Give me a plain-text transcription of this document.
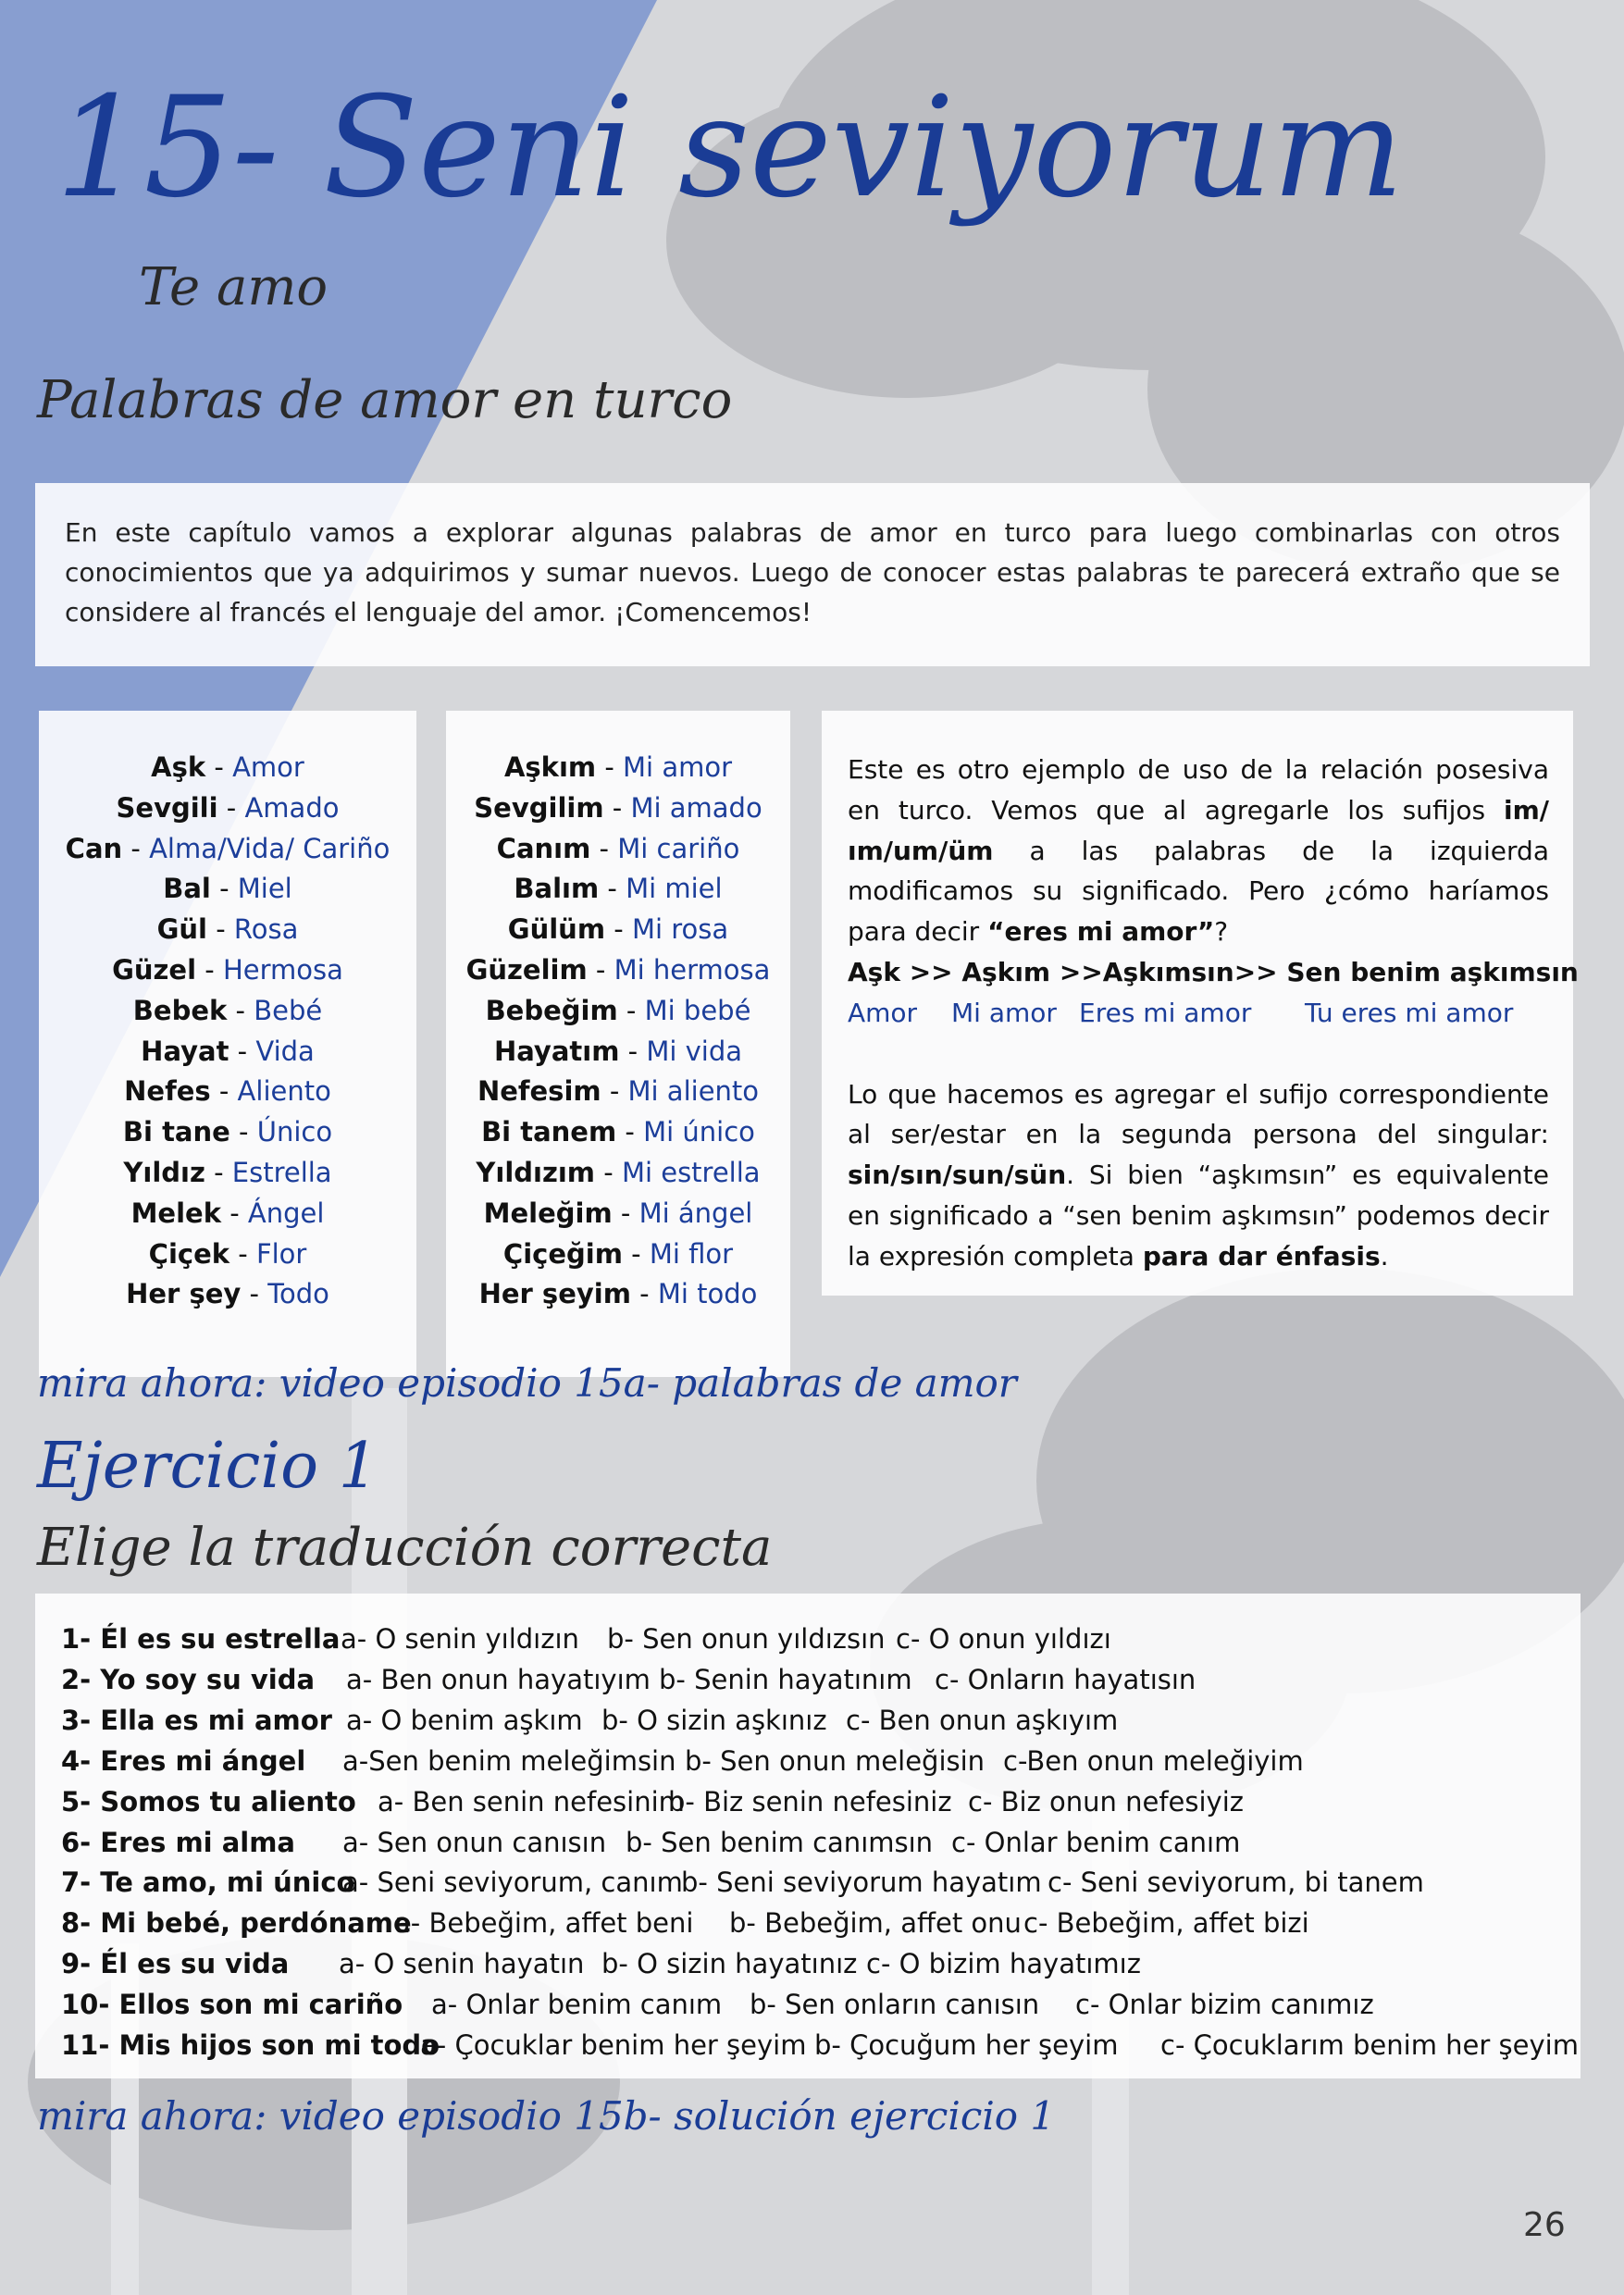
15- Seni seviyorum
Te amo
Palabras de amor en turco
En este capítulo vamos a explorar algunas palabras de amor en turco para luego combinarlas con otros conocimientos que ya adquirimos y sumar nuevos. Luego de conocer estas palabras te parecerá extraño que se considere al francés el lenguaje del amor. ¡Comencemos!
Aşk - Amor
Sevgili - Amado
Can - Alma/Vida/ Cariño
Bal - Miel
Gül - Rosa
Güzel - Hermosa
Bebek - Bebé
Hayat - Vida
Nefes - Aliento
Bi tane - Único
Yıldız - Estrella
Melek - Ángel
Çiçek - Flor
Her şey - Todo
Aşkım - Mi amor
Sevgilim - Mi amado
Canım - Mi cariño
Balım - Mi miel
Gülüm - Mi rosa
Güzelim - Mi hermosa
Bebeğim - Mi bebé
Hayatım - Mi vida
Nefesim - Mi aliento
Bi tanem - Mi único
Yıldızım - Mi estrella
Meleğim - Mi ángel
Çiçeğim - Mi flor
Her şeyim - Mi todo
Este es otro ejemplo de uso de la relación posesiva en turco. Vemos que al agregarle los sufijos im/ım/um/üm a las palabras de la izquierda modificamos su significado. Pero ¿cómo haríamos para decir “eres mi amor”?
Aşk >> Aşkım >>Aşkımsın>> Sen benim aşkımsın
Amor Mi amor Eres mi amor Tu eres mi amor
Lo que hacemos es agregar el sufijo correspondiente al ser/estar en la segunda persona del singular: sin/sın/sun/sün. Si bien “aşkımsın” es equivalente en significado a “sen benim aşkımsın” podemos decir la expresión completa para dar énfasis.
mira ahora: video episodio 15a- palabras de amor
Ejercicio 1
Elige la traducción correcta
1- Él es su estrella a- O senin yıldızın b- Sen onun yıldızsın c- O onun yıldızı
2- Yo soy su vida a- Ben onun hayatıyım b- Senin hayatınım c- Onların hayatısın
3- Ella es mi amor a- O benim aşkım b- O sizin aşkınız c- Ben onun aşkıyım
4- Eres mi ángel a-Sen benim meleğimsin b- Sen onun meleğisin c-Ben onun meleğiyim
5- Somos tu aliento a- Ben senin nefesinim
b- Biz senin nefesiniz c- Biz onun nefesiyiz
6- Eres mi alma a- Sen onun canısın b- Sen benim canımsın c- Onlar benim canım
7- Te amo, mi único
a- Seni seviyorum, canım
b- Seni seviyorum hayatım c- Seni seviyorum, bi tanem
8- Mi bebé, perdóname
a- Bebeğim, affet beni b- Bebeğim, affet onu c- Bebeğim, affet bizi
9- Él es su vida a- O senin hayatın b- O sizin hayatınız c- O bizim hayatımız
10- Ellos son mi cariño a- Onlar benim canım b- Sen onların canısın c- Onlar bizim canımız
11- Mis hijos son mi todo
a- Çocuklar benim her şeyim b- Çocuğum her şeyim c- Çocuklarım benim her şeyim
mira ahora: video episodio 15b- solución ejercicio 1
26
